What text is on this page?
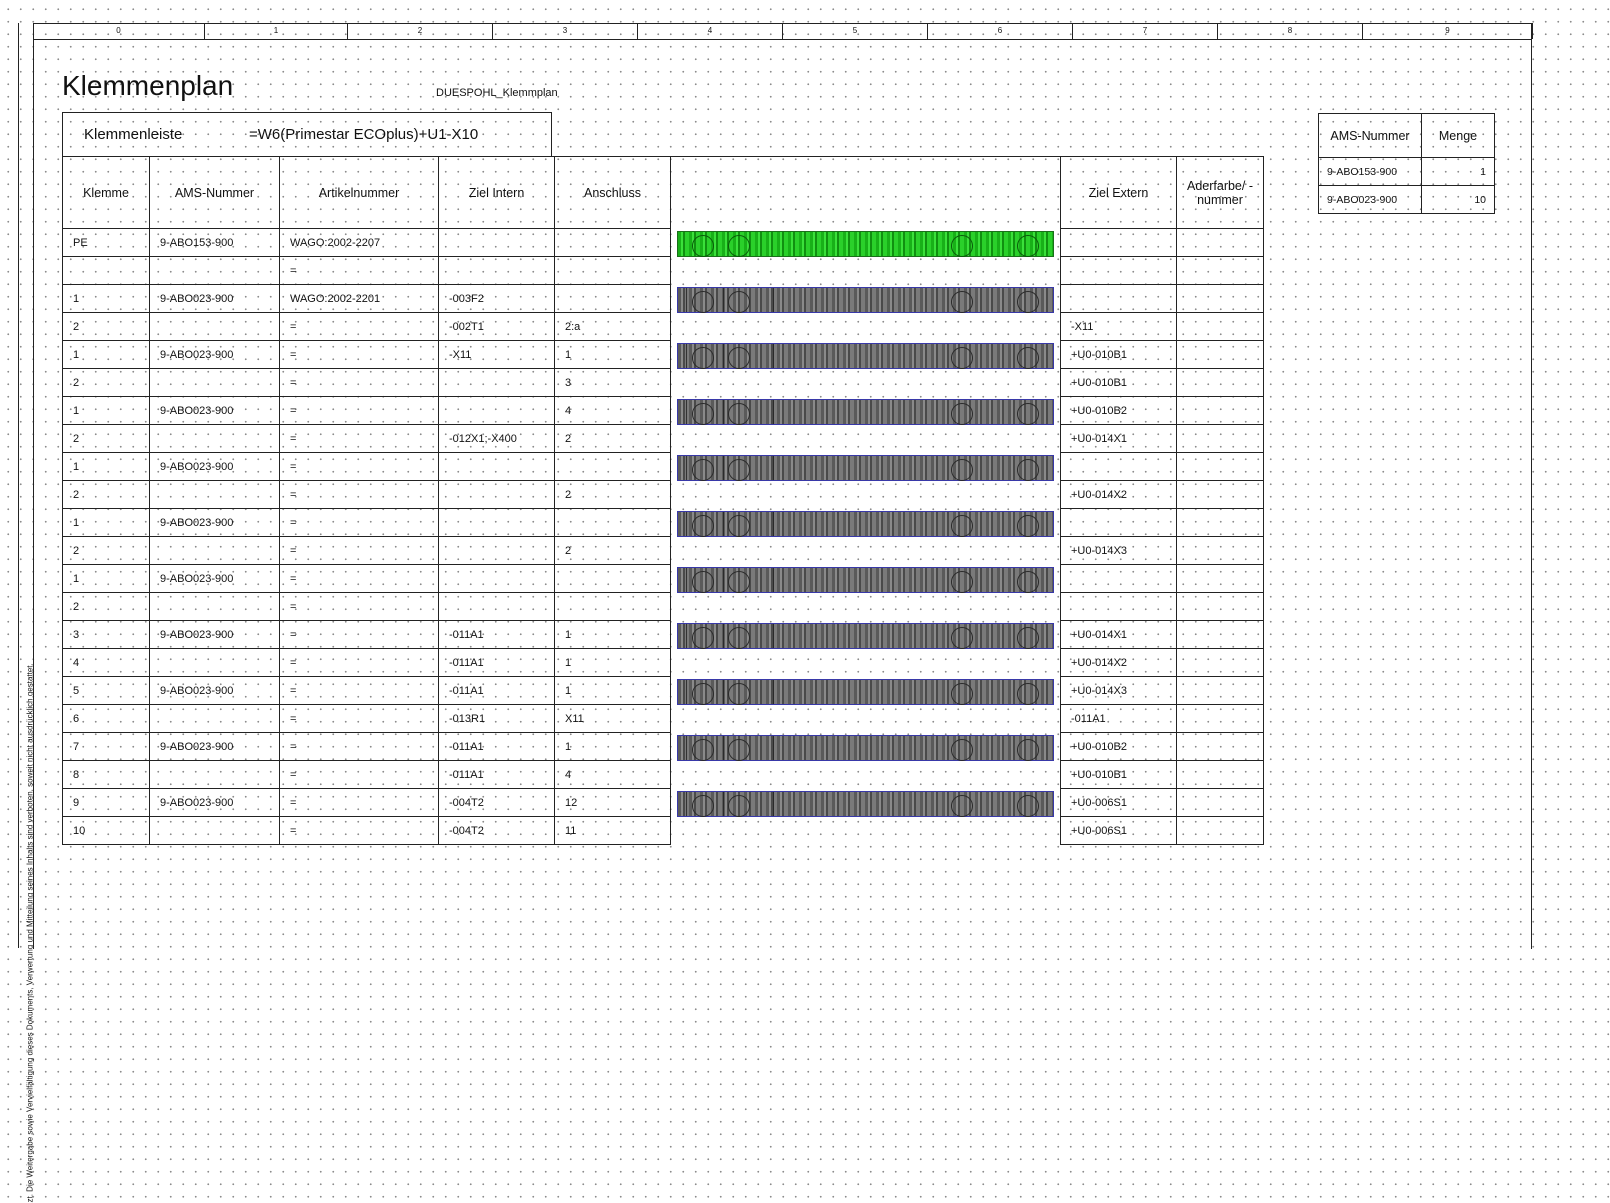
zt. Die Weitergabe sowie Vervielfältigung dieses Dokuments, Verwertung und Mitteilung seines Inhalts sind verboten, soweit nicht ausdrücklich gestattet.
0	1	2	3	4	5	6	7	8	9
Klemmenplan	DUESPOHL_Klemmplan
Klemmenleiste	=W6(Primestar ECOplus)+U1-X10
Klemme	AMS-Nummer	Artikelnummer	Ziel Intern	Anschluss		Ziel Extern	Aderfarbe/ -nummer
PE	9-ABO153-900	WAGO:2002-2207			

		=					
1	9-ABO023-900	WAGO:2002-2201	-003F2		

2		=	-002T1	2:a		-X11	
1	9-ABO023-900	=	-X11	1		+U0-010B1	
2		=		3		+U0-010B1	
1	9-ABO023-900	=		4		+U0-010B2	
2		=	-012X1;-X400	2		+U0-014X1	
1	9-ABO023-900	=			

2		=		2		+U0-014X2	
1	9-ABO023-900	=			

2		=		2		+U0-014X3	
1	9-ABO023-900	=			

2		=					
3	9-ABO023-900	=	-011A1	1		+U0-014X1	
4		=	-011A1	1		+U0-014X2	
5	9-ABO023-900	=	-011A1	1		+U0-014X3	
6		=	-013R1	X11		-011A1	
7	9-ABO023-900	=	-011A1	1		+U0-010B2	
8		=	-011A1	4		+U0-010B1	
9	9-ABO023-900	=	-004T2	12		+U0-006S1	
10		=	-004T2	11		+U0-006S1	
AMS-Nummer	Menge
9-ABO153-900	1
9-ABO023-900	10
